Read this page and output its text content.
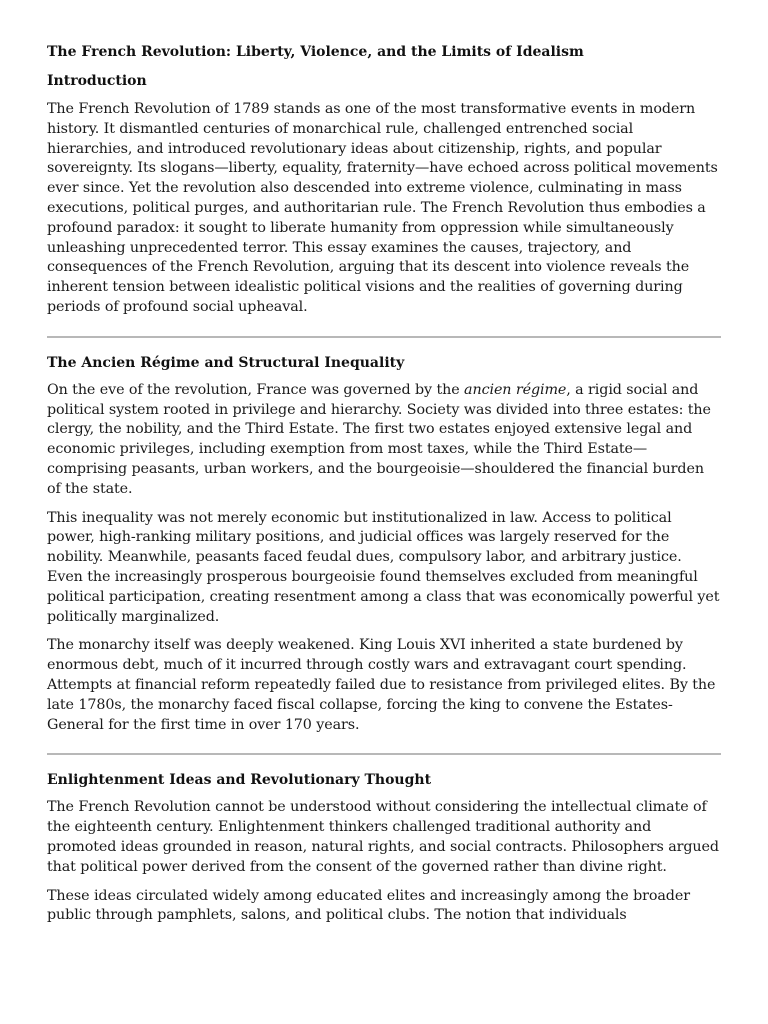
The French Revolution: Liberty, Violence, and the Limits of Idealism
Introduction

The French Revolution of 1789 stands as one of the most transformative events in modern history. It dismantled centuries of monarchical rule, challenged entrenched social hierarchies, and introduced revolutionary ideas about citizenship, rights, and popular sovereignty. Its slogans—liberty, equality, fraternity—have echoed across political movements ever since. Yet the revolution also descended into extreme violence, culminating in mass executions, political purges, and authoritarian rule. The French Revolution thus embodies a profound paradox: it sought to liberate humanity from oppression while simultaneously unleashing unprecedented terror. This essay examines the causes, trajectory, and consequences of the French Revolution, arguing that its descent into violence reveals the inherent tension between idealistic political visions and the realities of governing during periods of profound social upheaval.

The Ancien Régime and Structural Inequality

On the eve of the revolution, France was governed by the ancien régime, a rigid social and political system rooted in privilege and hierarchy. Society was divided into three estates: the clergy, the nobility, and the Third Estate. The first two estates enjoyed extensive legal and economic privileges, including exemption from most taxes, while the Third Estate—comprising peasants, urban workers, and the bourgeoisie—shouldered the financial burden of the state.

This inequality was not merely economic but institutionalized in law. Access to political power, high-ranking military positions, and judicial offices was largely reserved for the nobility. Meanwhile, peasants faced feudal dues, compulsory labor, and arbitrary justice. Even the increasingly prosperous bourgeoisie found themselves excluded from meaningful political participation, creating resentment among a class that was economically powerful yet politically marginalized.

The monarchy itself was deeply weakened. King Louis XVI inherited a state burdened by enormous debt, much of it incurred through costly wars and extravagant court spending. Attempts at financial reform repeatedly failed due to resistance from privileged elites. By the late 1780s, the monarchy faced fiscal collapse, forcing the king to convene the Estates-General for the first time in over 170 years.

Enlightenment Ideas and Revolutionary Thought

The French Revolution cannot be understood without considering the intellectual climate of the eighteenth century. Enlightenment thinkers challenged traditional authority and promoted ideas grounded in reason, natural rights, and social contracts. Philosophers argued that political power derived from the consent of the governed rather than divine right.

These ideas circulated widely among educated elites and increasingly among the broader public through pamphlets, salons, and political clubs. The notion that individuals
